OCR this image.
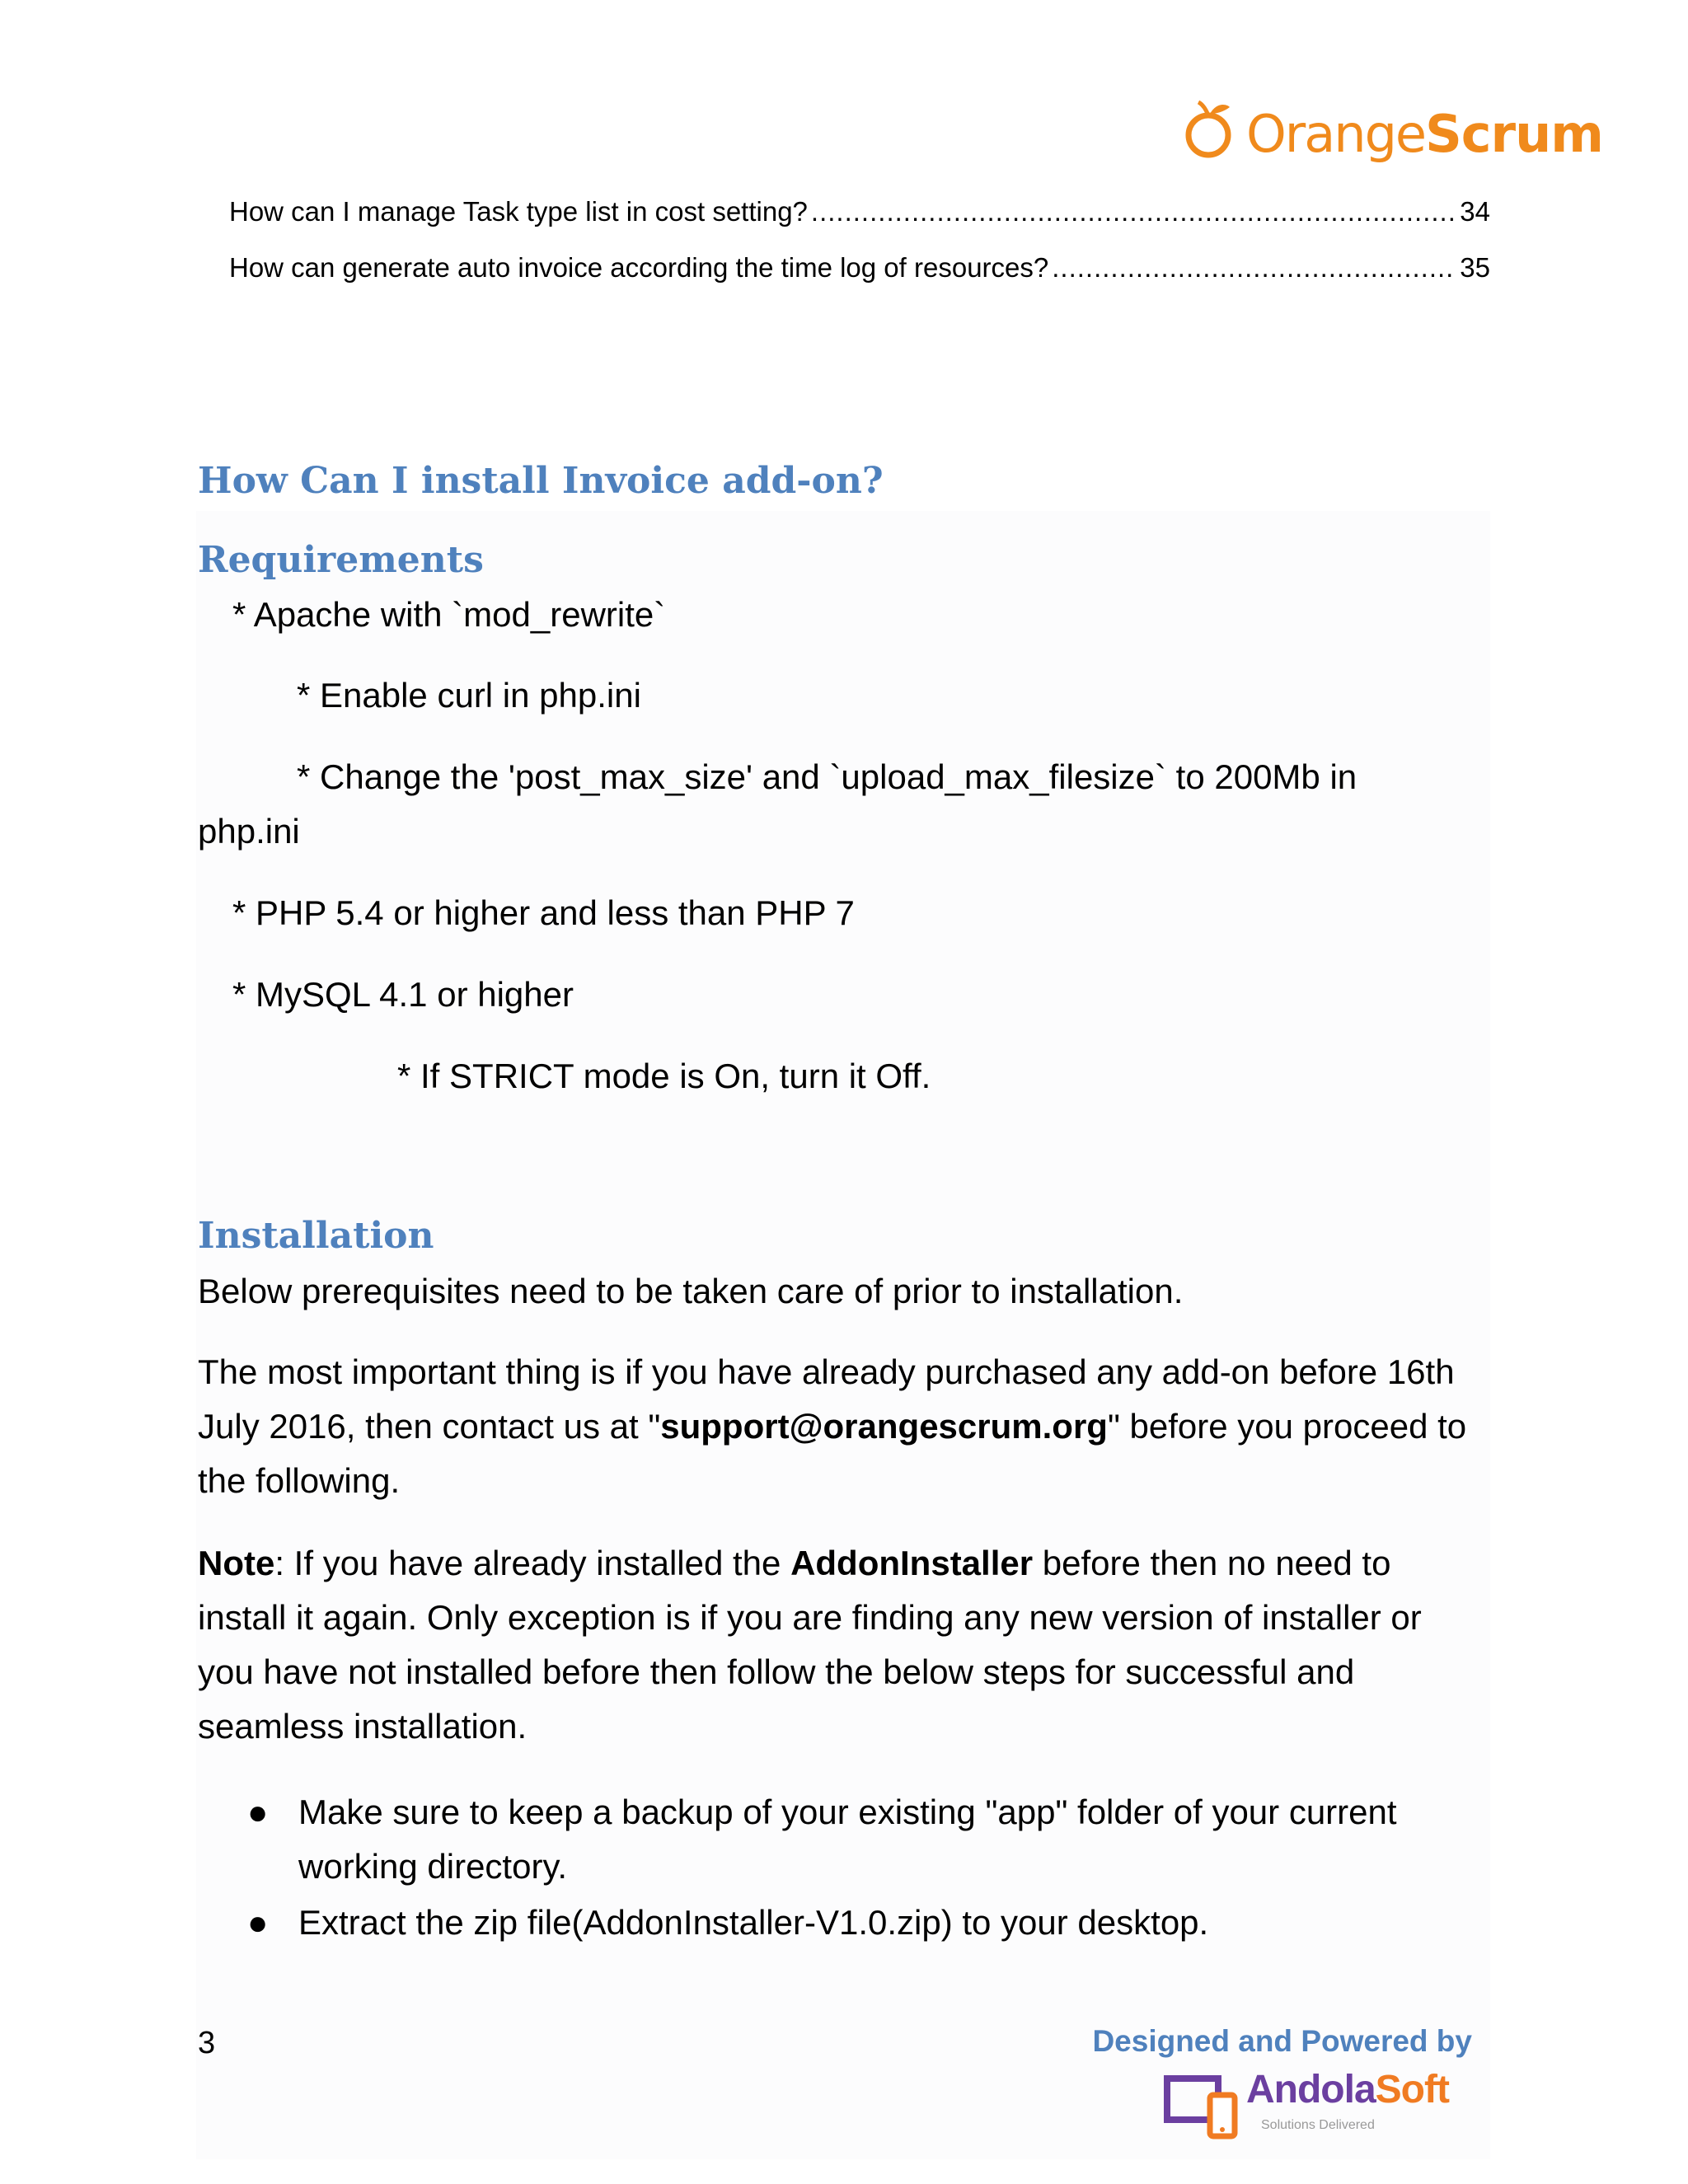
OrangeScrum
How can I manage Task type list in cost setting? .....	34
How can generate auto invoice according the time log of resources? .....	35
How Can I install Invoice add-on?
Requirements
* Apache with `mod_rewrite`
* Enable curl in php.ini
* Change the 'post_max_size' and `upload_max_filesize` to 200Mb in
php.ini
* PHP 5.4 or higher and less than PHP 7
* MySQL 4.1 or higher
* If STRICT mode is On, turn it Off.
Installation
Below prerequisites need to be taken care of prior to installation.
The most important thing is if you have already purchased any add-on before 16th July 2016, then contact us at "support@orangescrum.org" before you proceed to the following.
Note: If you have already installed the AddonInstaller before then no need to install it again. Only exception is if you are finding any new version of installer or you have not installed before then follow the below steps for successful and seamless installation.
● Make sure to keep a backup of your existing "app" folder of your current working directory.
● Extract the zip file(AddonInstaller-V1.0.zip) to your desktop.
3	Designed and Powered by
AndolaSoft
Solutions Delivered
